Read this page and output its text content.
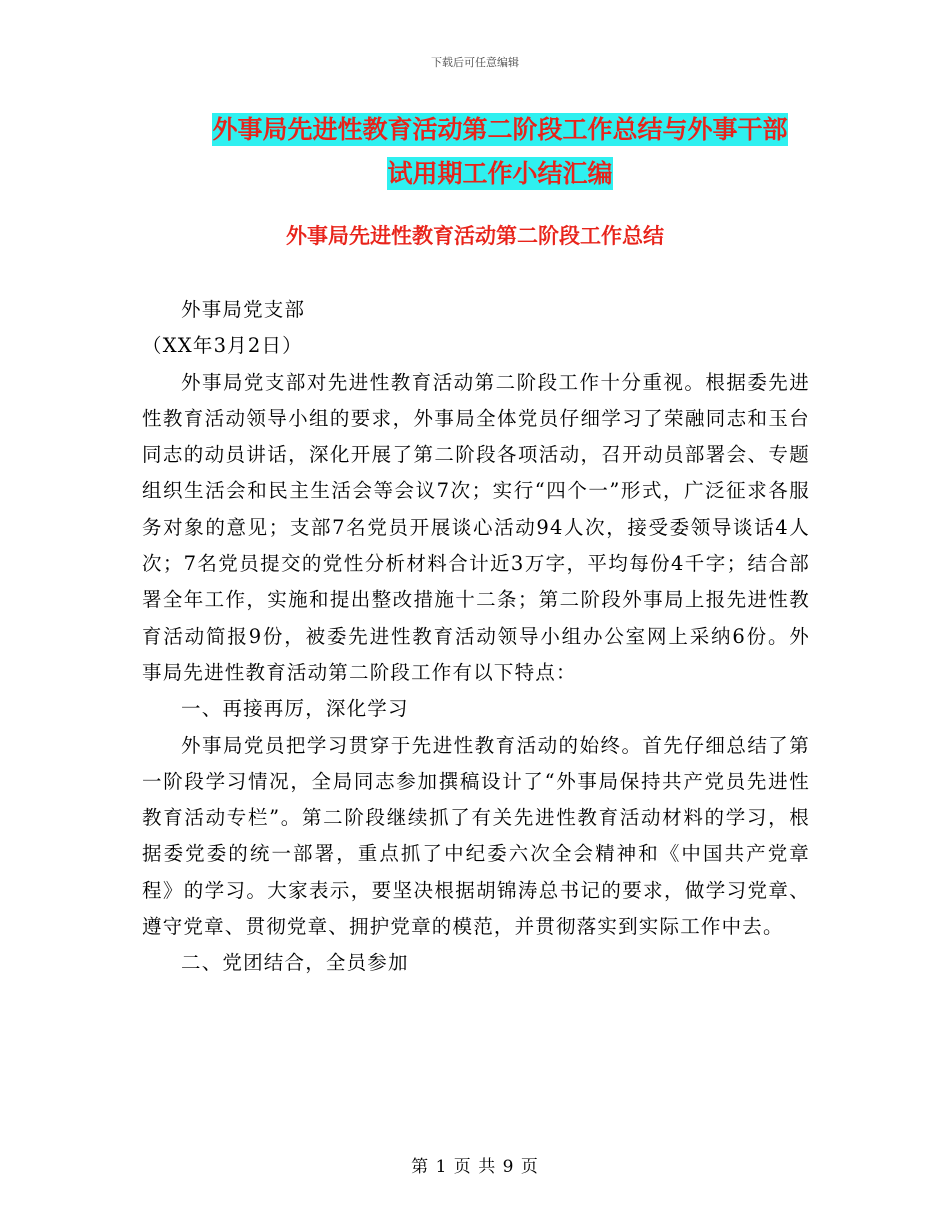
下载后可任意编辑
外事局先进性教育活动第二阶段工作总结与外事干部
试用期工作小结汇编
外事局先进性教育活动第二阶段工作总结

外事局党支部

（XX年3月2日）

外事局党支部对先进性教育活动第二阶段工作十分重视。根据委先进性教育活动领导小组的要求，外事局全体党员仔细学习了荣融同志和玉台同志的动员讲话，深化开展了第二阶段各项活动，召开动员部署会、专题组织生活会和民主生活会等会议7次；实行“四个一”形式，广泛征求各服务对象的意见；支部7名党员开展谈心活动94人次，接受委领导谈话4人次；7名党员提交的党性分析材料合计近3万字，平均每份4千字；结合部署全年工作，实施和提出整改措施十二条；第二阶段外事局上报先进性教育活动简报9份，被委先进性教育活动领导小组办公室网上采纳6份。外事局先进性教育活动第二阶段工作有以下特点：

一、再接再厉，深化学习

外事局党员把学习贯穿于先进性教育活动的始终。首先仔细总结了第一阶段学习情况，全局同志参加撰稿设计了“外事局保持共产党员先进性教育活动专栏”。第二阶段继续抓了有关先进性教育活动材料的学习，根据委党委的统一部署，重点抓了中纪委六次全会精神和《中国共产党章程》的学习。大家表示，要坚决根据胡锦涛总书记的要求，做学习党章、遵守党章、贯彻党章、拥护党章的模范，并贯彻落实到实际工作中去。

二、党团结合，全员参加

第 1 页 共 9 页
